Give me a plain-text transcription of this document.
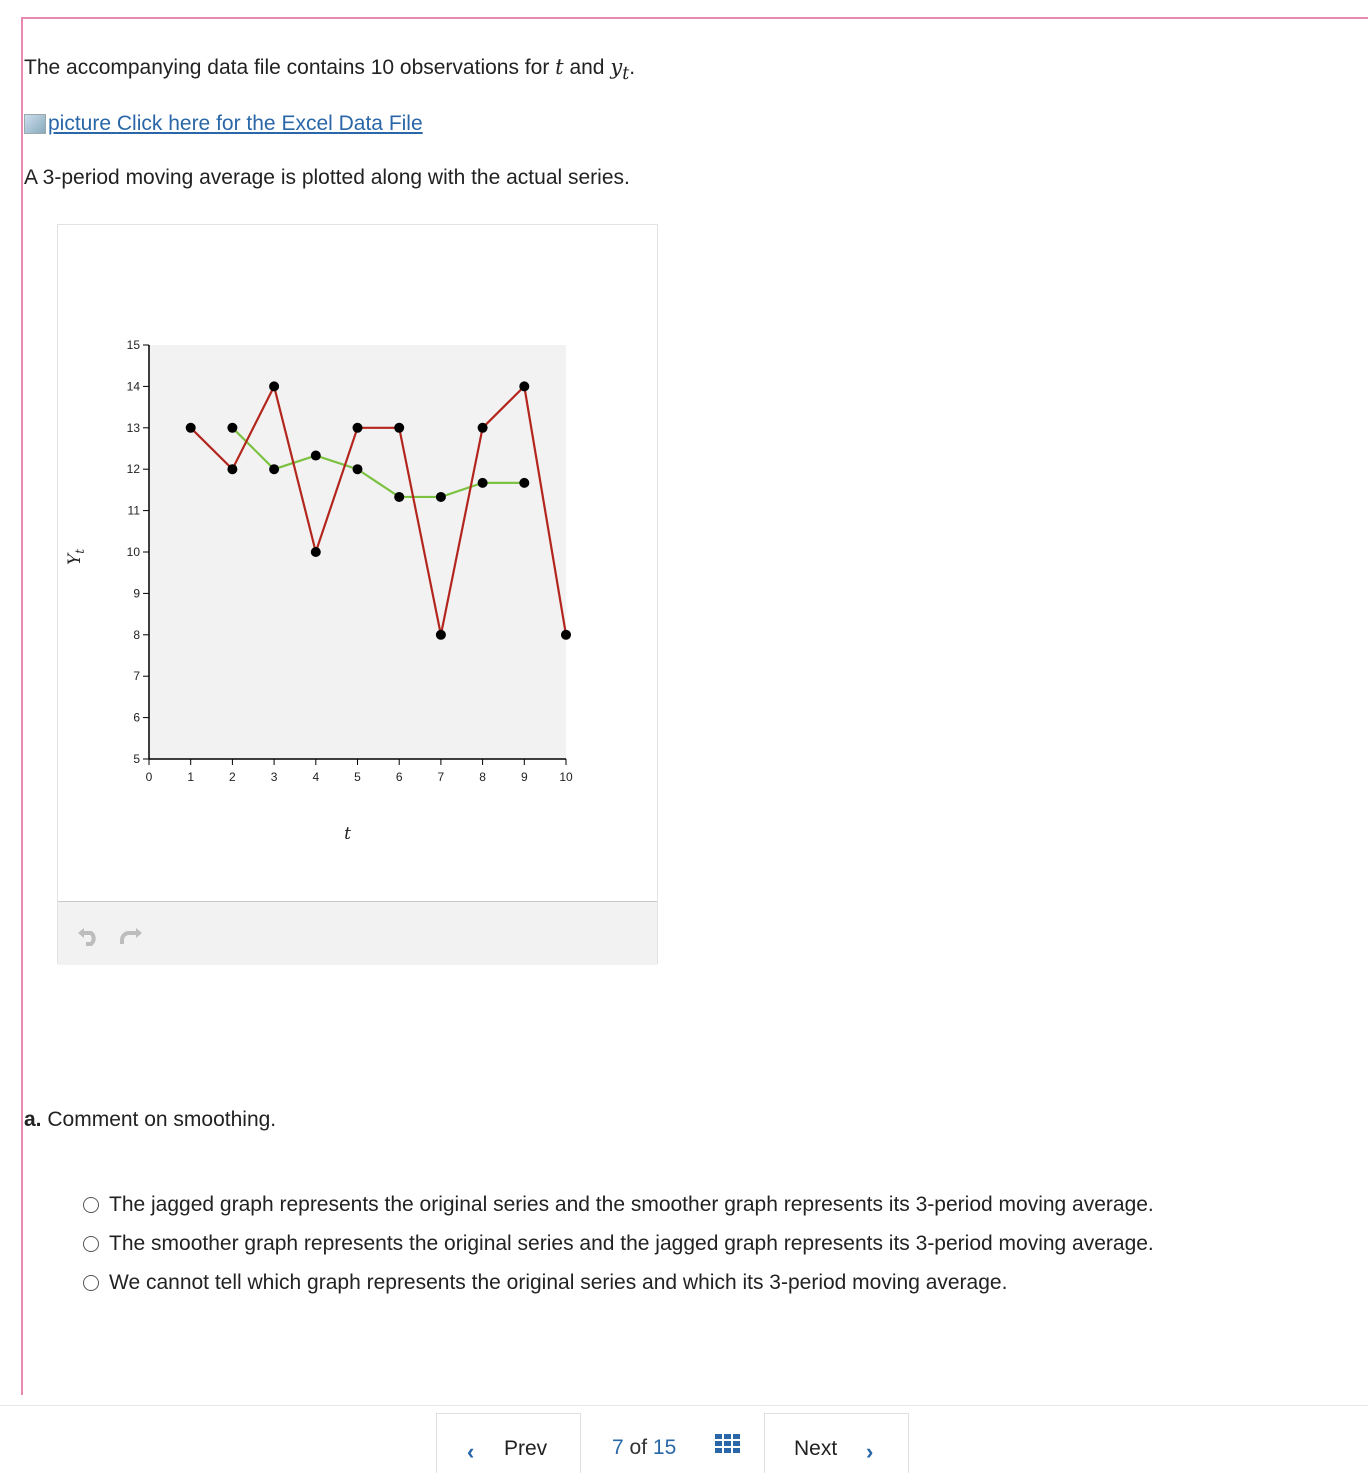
The accompanying data file contains 10 observations for t and $y_t$.
picture
Click here for the Excel Data File
A 3-period moving average is plotted along with the actual series.
5
6
7
8
9
10
11
12
13
14
15
0	1	2	3	4	5	6	7	8	9	10
t
$Y_t$
a. Comment on smoothing.
The jagged graph represents the original series and the smoother graph represents its 3-period moving average.
The smoother graph represents the original series and the jagged graph represents its 3-period moving average.
We cannot tell which graph represents the original series and which its 3-period moving average.
‹ Prev	7 of 15	Next ›
